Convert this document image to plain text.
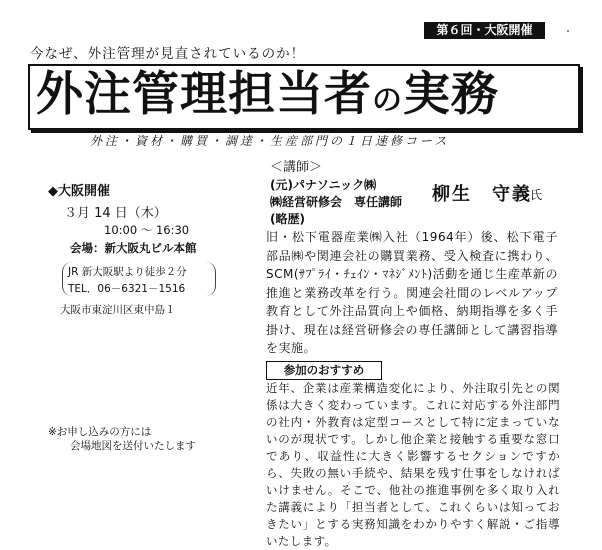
第６回・大阪開催
今なぜ、外注管理が見直されているのか！
外注管理担当者の実務
外注・資材・購買・調達・生産部門の１日速修コース
＜講師＞
(元)パナソニック㈱
㈱経営研修会　専任講師 柳生　守義
氏
(略歴)
旧・松下電器産業㈱入社（1964年）後、松下電子部品㈱や関連会社の購買業務、受入検査に携わり、SCM(ｻﾌﾟﾗｲ・ﾁｪｲﾝ・ﾏﾈｼﾞﾒﾝﾄ)活動を通じ生産革新の推進と業務改革を行う。関連会社間のレベルアップ教育として外注品質向上や価格、納期指導を多く手掛け、現在は経営研修会の専任講師として講習指導を実施。
◆大阪開催
３月 14 日（木）
10:00 ～ 16:30
会場：新大阪丸ビル本館
JR 新大阪駅より徒歩２分
TEL．06－6321－1516
大阪市東淀川区東中島１
※お申し込みの方には
会場地図を送付いたします
参加のおすすめ
近年、企業は産業構造変化により、外注取引先との関係は大きく変わっています。これに対応する外注部門の社内・外教育は定型コースとして特に定まっていないのが現状です。しかし他企業と接触する重要な窓口であり、収益性に大きく影響するセクションですから、失敗の無い手続や、結果を残す仕事をしなければいけません。そこで、他社の推進事例を多く取り入れた講義により「担当者として、これくらいは知っておきたい」とする実務知識をわかりやすく解説・ご指導いたします。
